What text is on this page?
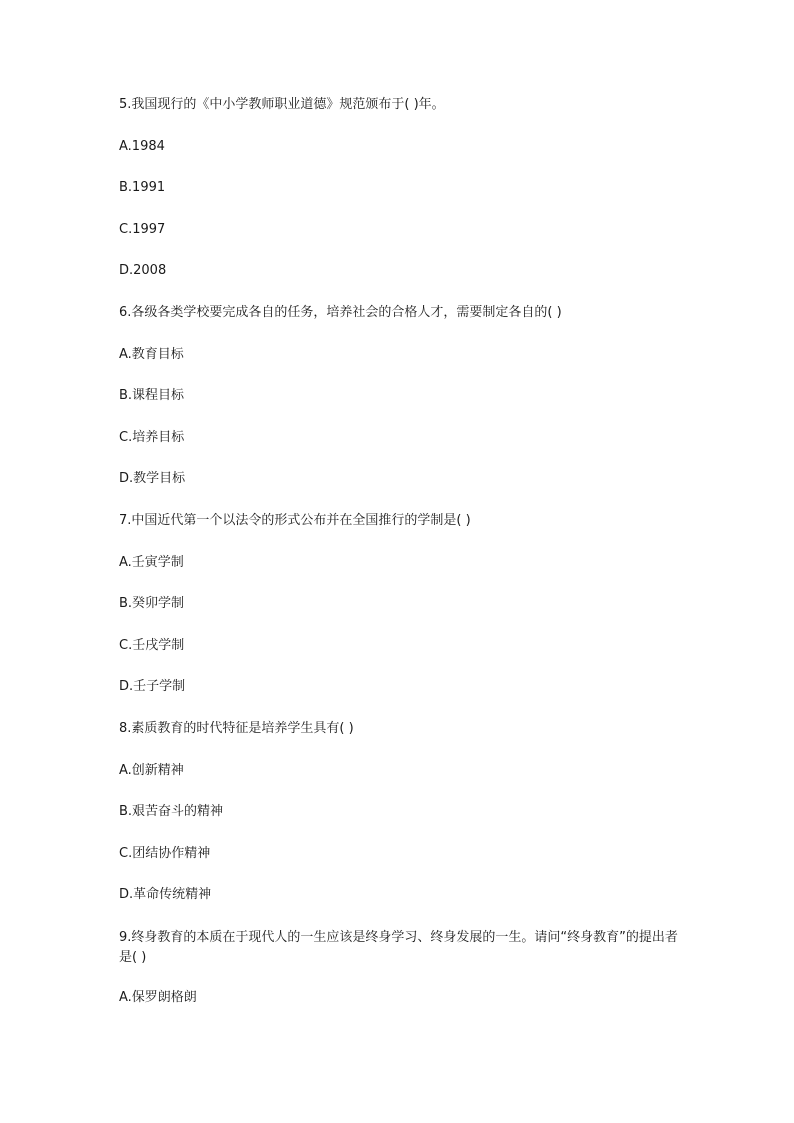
5.我国现行的《中小学教师职业道德》规范颁布于( )年。
A.1984
B.1991
C.1997
D.2008
6.各级各类学校要完成各自的任务，培养社会的合格人才，需要制定各自的( )
A.教育目标
B.课程目标
C.培养目标
D.教学目标
7.中国近代第一个以法令的形式公布并在全国推行的学制是( )
A.壬寅学制
B.癸卯学制
C.壬戌学制
D.壬子学制
8.素质教育的时代特征是培养学生具有( )
A.创新精神
B.艰苦奋斗的精神
C.团结协作精神
D.革命传统精神
9.终身教育的本质在于现代人的一生应该是终身学习、终身发展的一生。请问“终身教育”的提出者是( )
A.保罗朗格朗
